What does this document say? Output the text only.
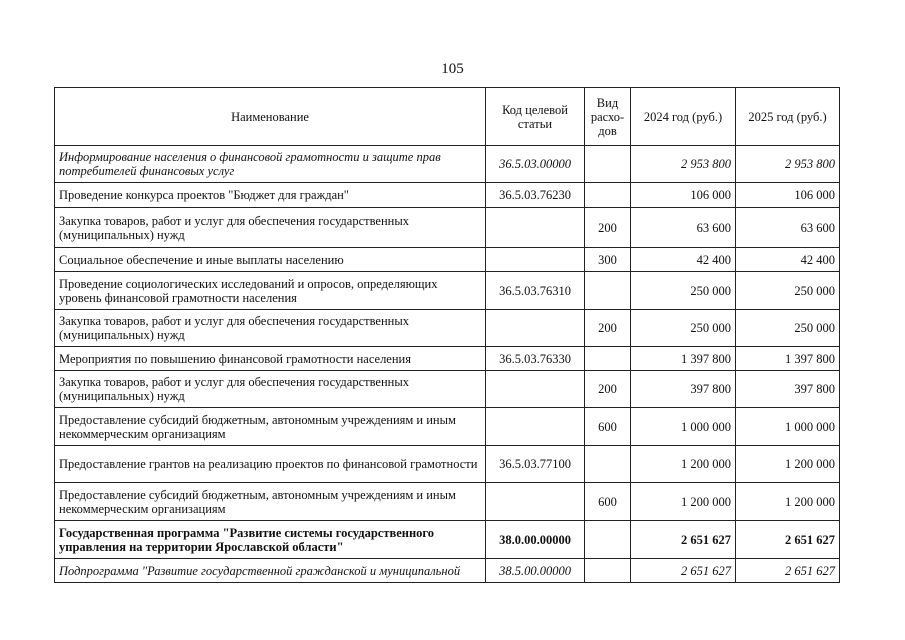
105
Наименование	Код целевой статьи	Вид расхо-дов	2024 год (руб.)	2025 год (руб.)
Информирование населения о финансовой грамотности и защите прав потребителей финансовых услуг	36.5.03.00000		2 953 800	2 953 800
Проведение конкурса проектов "Бюджет для граждан"	36.5.03.76230		106 000	106 000
Закупка товаров, работ и услуг для обеспечения государственных (муниципальных) нужд		200	63 600	63 600
Социальное обеспечение и иные выплаты населению		300	42 400	42 400
Проведение социологических исследований и опросов, определяющих уровень финансовой грамотности населения	36.5.03.76310		250 000	250 000
Закупка товаров, работ и услуг для обеспечения государственных (муниципальных) нужд		200	250 000	250 000
Мероприятия по повышению финансовой грамотности населения	36.5.03.76330		1 397 800	1 397 800
Закупка товаров, работ и услуг для обеспечения государственных (муниципальных) нужд		200	397 800	397 800
Предоставление субсидий бюджетным, автономным учреждениям и иным некоммерческим организациям		600	1 000 000	1 000 000
Предоставление грантов на реализацию проектов по финансовой грамотности	36.5.03.77100		1 200 000	1 200 000
Предоставление субсидий бюджетным, автономным учреждениям и иным некоммерческим организациям		600	1 200 000	1 200 000
Государственная программа "Развитие системы государственного управления на территории Ярославской области"	38.0.00.00000		2 651 627	2 651 627
Подпрограмма "Развитие государственной гражданской и муниципальной	38.5.00.00000		2 651 627	2 651 627
